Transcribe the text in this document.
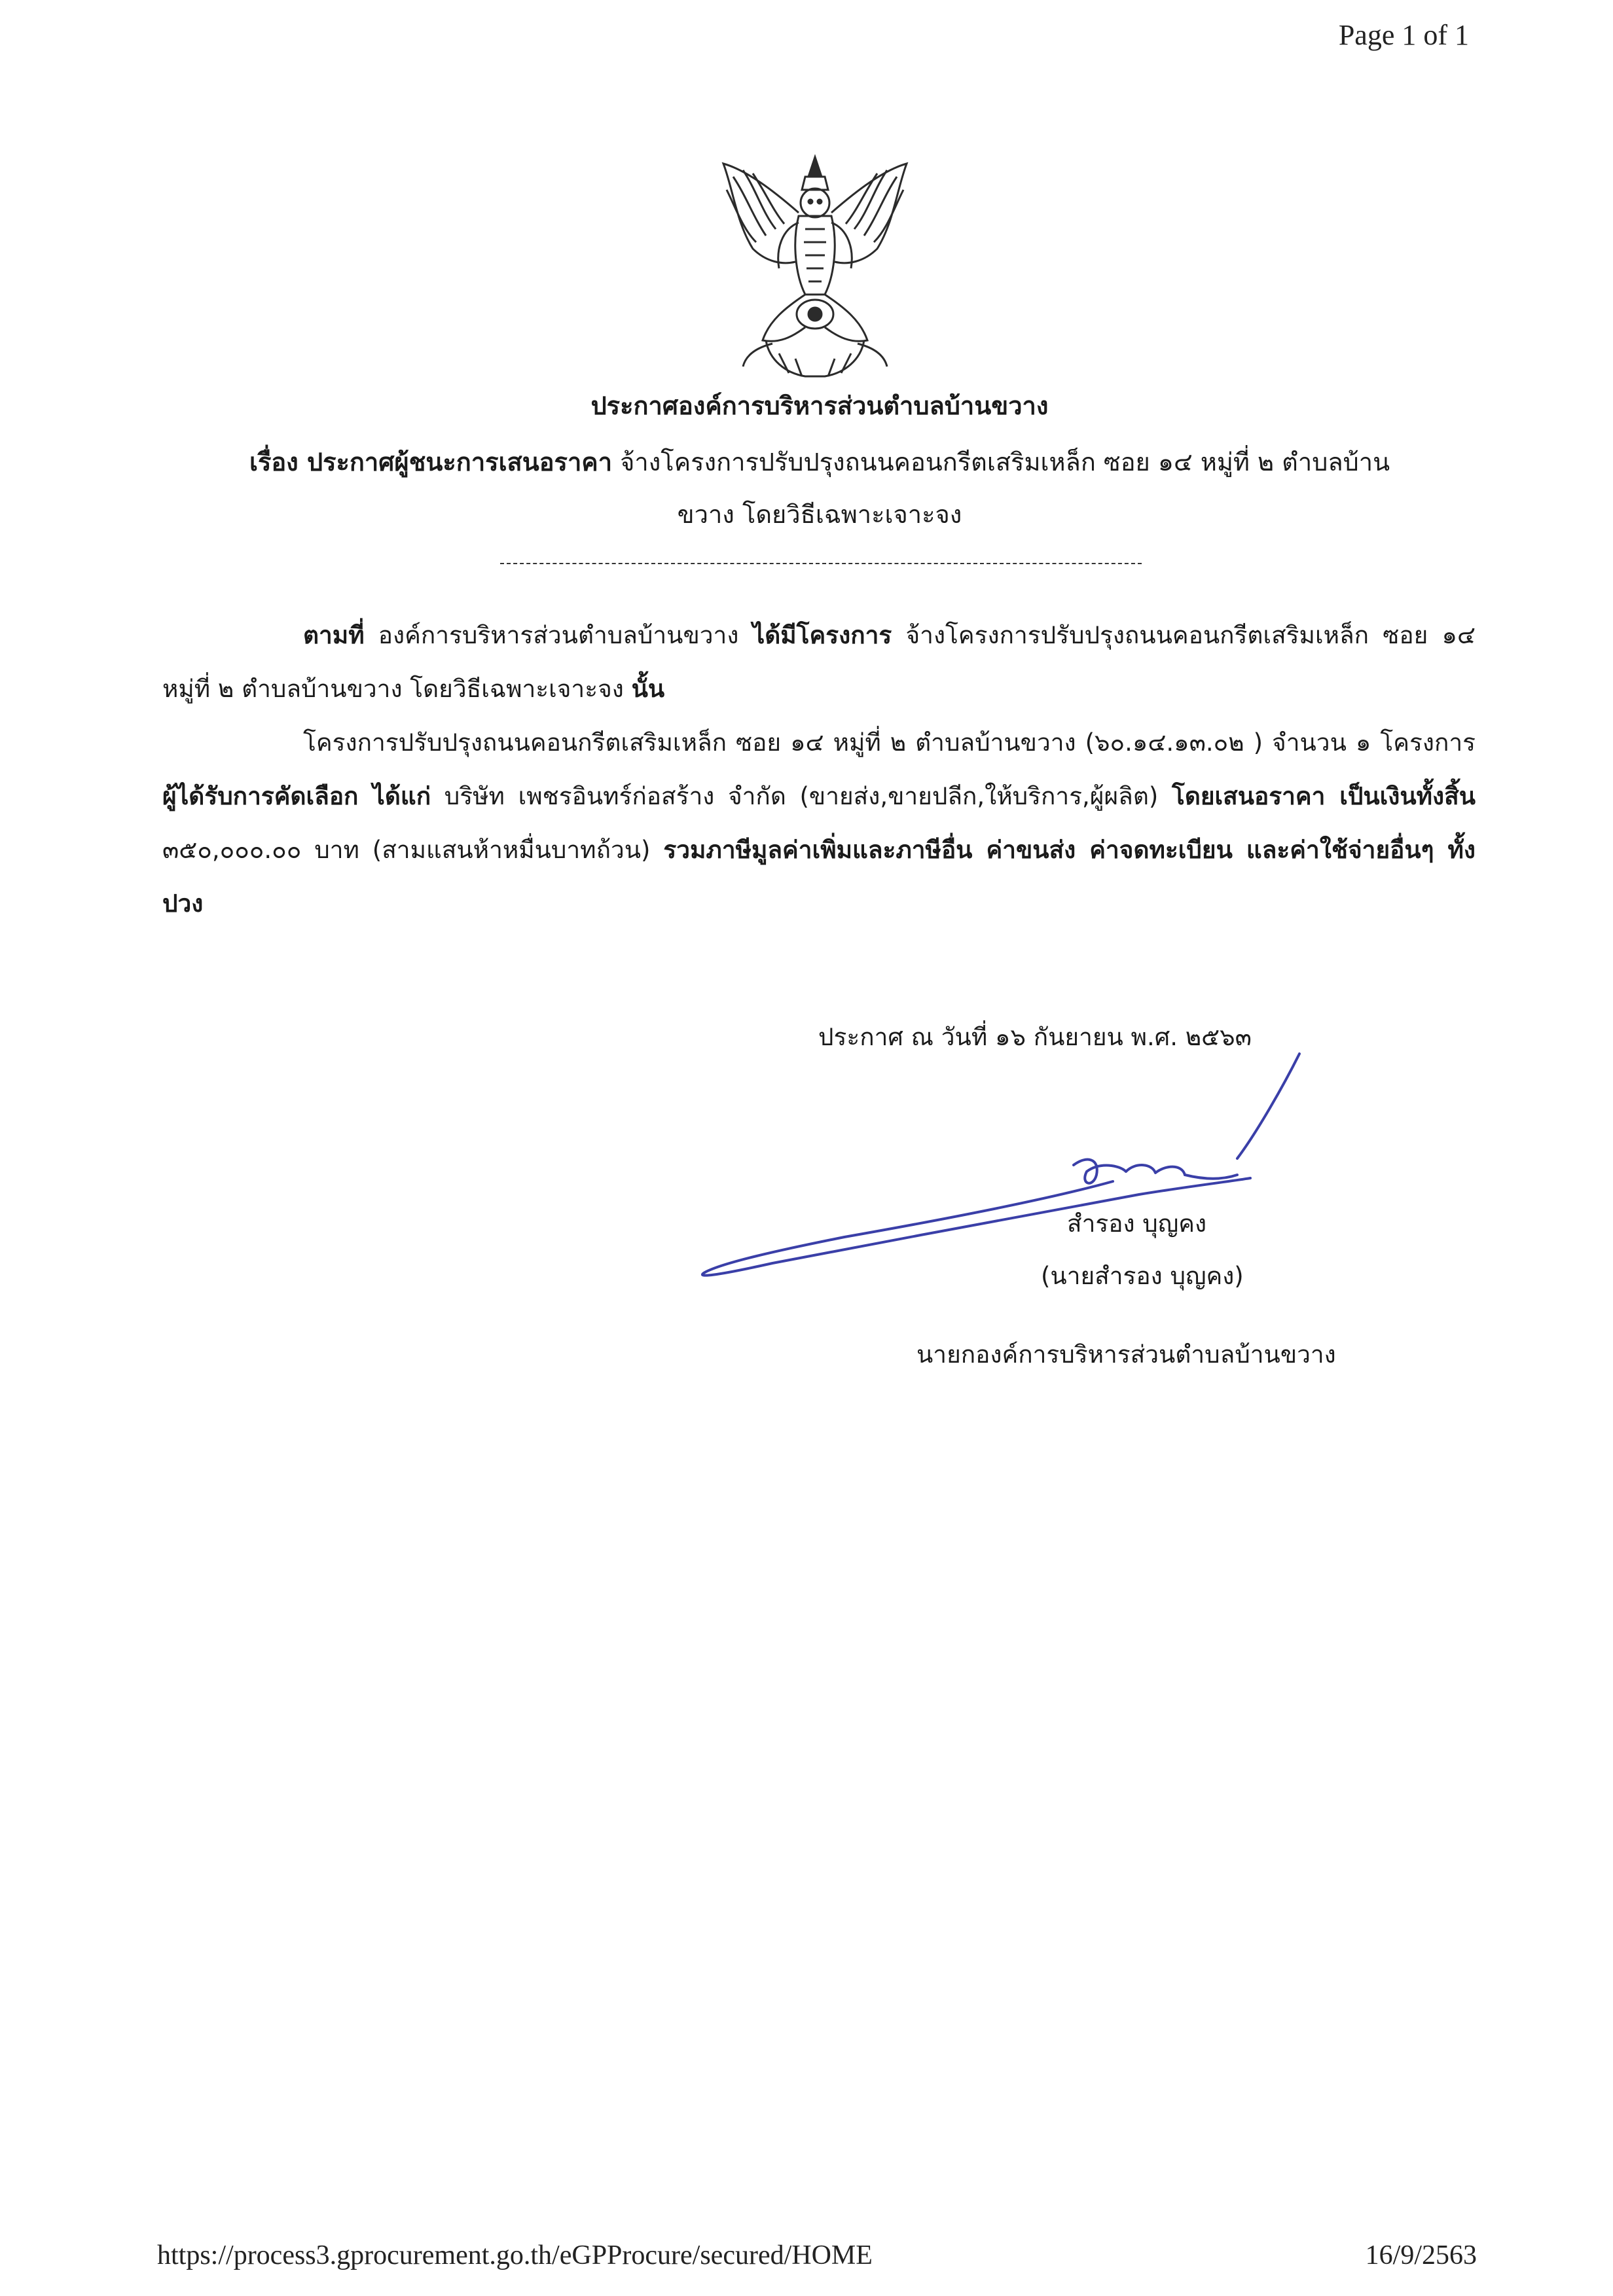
Page 1 of 1
ประกาศองค์การบริหารส่วนตำบลบ้านขวาง
เรื่อง ประกาศผู้ชนะการเสนอราคา จ้างโครงการปรับปรุงถนนคอนกรีตเสริมเหล็ก ซอย ๑๔ หมู่ที่ ๒ ตำบลบ้าน
ขวาง โดยวิธีเฉพาะเจาะจง

ตามที่ องค์การบริหารส่วนตำบลบ้านขวาง ได้มีโครงการ จ้างโครงการปรับปรุงถนนคอนกรีตเสริมเหล็ก ซอย ๑๔ หมู่ที่ ๒ ตำบลบ้านขวาง โดยวิธีเฉพาะเจาะจง นั้น

โครงการปรับปรุงถนนคอนกรีตเสริมเหล็ก ซอย ๑๔ หมู่ที่ ๒ ตำบลบ้านขวาง (๖๐.๑๔.๑๓.๐๒ ) จำนวน ๑ โครงการ ผู้ได้รับการคัดเลือก ได้แก่ บริษัท เพชรอินทร์ก่อสร้าง จำกัด (ขายส่ง,ขายปลีก,ให้บริการ,ผู้ผลิต) โดยเสนอราคา เป็นเงินทั้งสิ้น ๓๕๐,๐๐๐.๐๐ บาท (สามแสนห้าหมื่นบาทถ้วน) รวมภาษีมูลค่าเพิ่มและภาษีอื่น ค่าขนส่ง ค่าจดทะเบียน และค่าใช้จ่ายอื่นๆ ทั้งปวง

ประกาศ ณ วันที่ ๑๖ กันยายน พ.ศ. ๒๕๖๓
สำรอง บุญคง
(นายสำรอง บุญคง)
นายกองค์การบริหารส่วนตำบลบ้านขวาง
https://process3.gprocurement.go.th/eGPProcure/secured/HOME	16/9/2563
